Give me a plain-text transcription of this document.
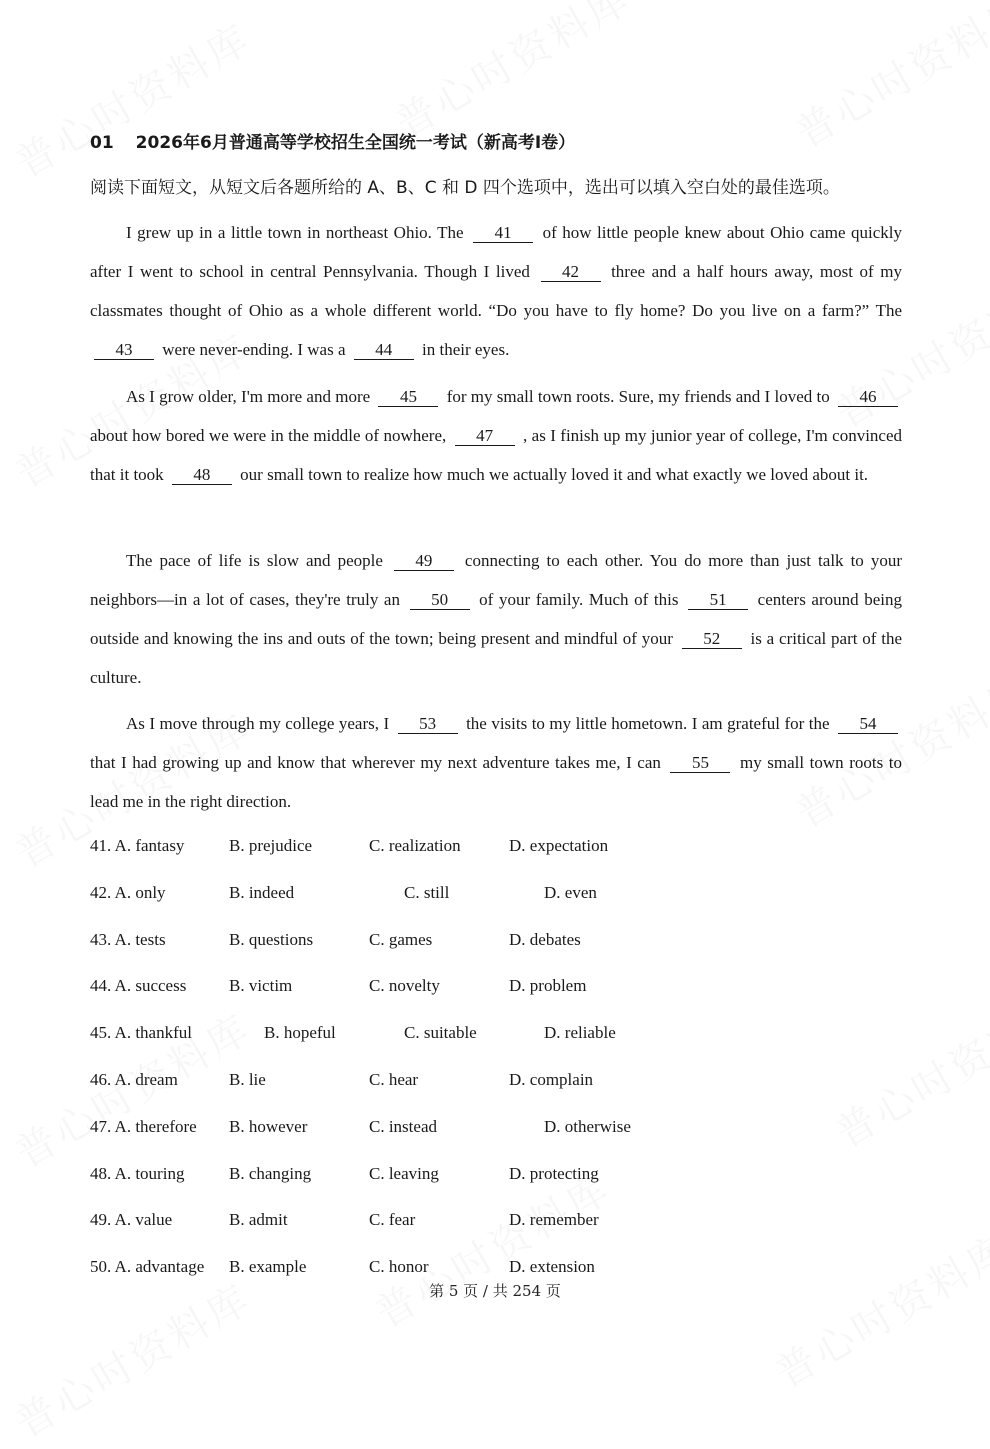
01 2026年6月普通高等学校招生全国统一考试（新高考Ⅰ卷）
阅读下面短文，从短文后各题所给的 A、B、C 和 D 四个选项中，选出可以填入空白处的最佳选项。
I grew up in a little town in northeast Ohio. The 41 of how little people knew about Ohio came quickly after I went to school in central Pennsylvania. Though I lived 42 three and a half hours away, most of my classmates thought of Ohio as a whole different world. “Do you have to fly home? Do you live on a farm?” The 43 were never-ending. I was a 44 in their eyes.
As I grow older, I'm more and more 45 for my small town roots. Sure, my friends and I loved to 46 about how bored we were in the middle of nowhere, 47 , as I finish up my junior year of college, I'm convinced that it took 48 our small town to realize how much we actually loved it and what exactly we loved about it.
The pace of life is slow and people 49 connecting to each other. You do more than just talk to your neighbors—in a lot of cases, they're truly an 50 of your family. Much of this 51 centers around being outside and knowing the ins and outs of the town; being present and mindful of your 52 is a critical part of the culture.
As I move through my college years, I 53 the visits to my little hometown. I am grateful for the 54 that I had growing up and know that wherever my next adventure takes me, I can 55 my small town roots to lead me in the right direction.
41. A. fantasy	B. prejudice	C. realization	D. expectation
42. A. only	B. indeed	C. still	D. even
43. A. tests	B. questions	C. games	D. debates
44. A. success	B. victim	C. novelty	D. problem
45. A. thankful	B. hopeful	C. suitable	D. reliable
46. A. dream	B. lie	C. hear	D. complain
47. A. therefore B. however	C. instead	D. otherwise
48. A. touring	B. changing	C. leaving	D. protecting
49. A. value	B. admit	C. fear	D. remember
50. A. advantage B. example	C. honor	D. extension
第 5 页 / 共 254 页
